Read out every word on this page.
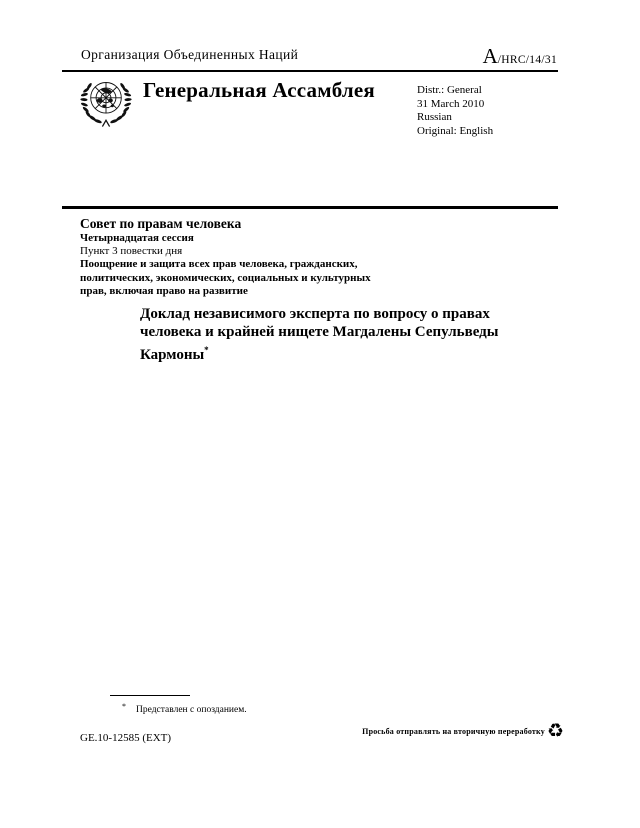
Организация Объединенных Наций	A/HRC/14/31
Генеральная Ассамблея	Distr.: General
31 March 2010
Russian
Original: English
Совет по правам человека
Четырнадцатая сессия
Пункт 3 повестки дня
Поощрение и защита всех прав человека, гражданских,
политических, экономических, социальных и культурных
прав, включая право на развитие
Доклад независимого эксперта по вопросу о правах
человека и крайней нищете Магдалены Сепульведы
Кармоны*
* Представлен с опозданием.
GE.10-12585 (EXT)
Просьба отправлять на вторичную переработку ♻
